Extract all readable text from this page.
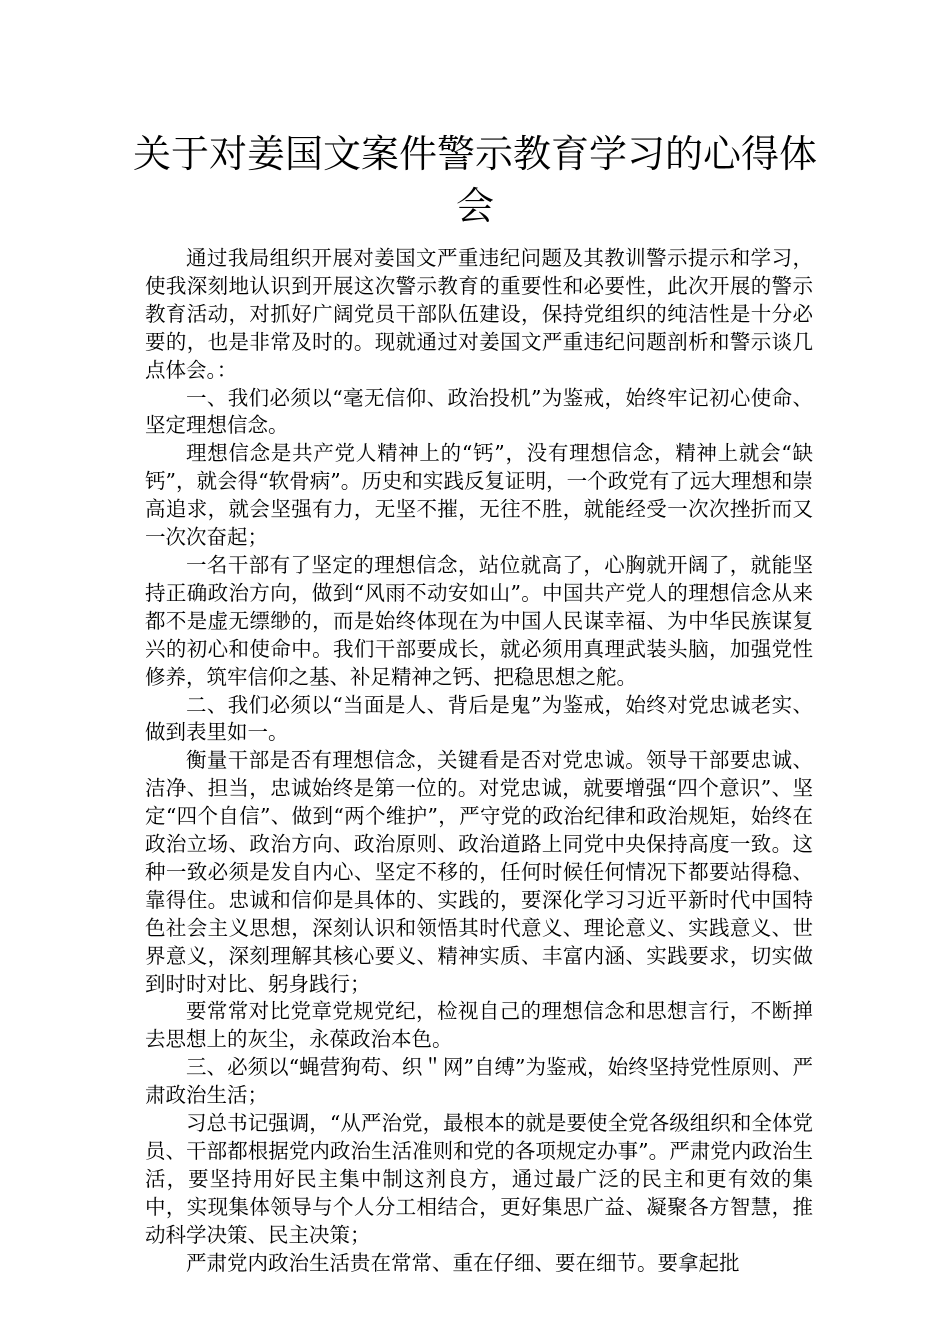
关于对姜国文案件警示教育学习的心得体会

通过我局组织开展对姜国文严重违纪问题及其教训警示提示和学习，使我深刻地认识到开展这次警示教育的重要性和必要性，此次开展的警示教育活动，对抓好广阔党员干部队伍建设，保持党组织的纯洁性是十分必要的，也是非常及时的。现就通过对姜国文严重违纪问题剖析和警示谈几点体会。：

一、我们必须以“毫无信仰、政治投机”为鉴戒，始终牢记初心使命、坚定理想信念。

理想信念是共产党人精神上的“钙”，没有理想信念，精神上就会“缺钙”，就会得“软骨病”。历史和实践反复证明，一个政党有了远大理想和崇高追求，就会坚强有力，无坚不摧，无往不胜，就能经受一次次挫折而又一次次奋起；

一名干部有了坚定的理想信念，站位就高了，心胸就开阔了，就能坚持正确政治方向，做到“风雨不动安如山”。中国共产党人的理想信念从来都不是虚无缥缈的，而是始终体现在为中国人民谋幸福、为中华民族谋复兴的初心和使命中。我们干部要成长，就必须用真理武装头脑，加强党性修养，筑牢信仰之基、补足精神之钙、把稳思想之舵。

二、我们必须以“当面是人、背后是鬼”为鉴戒，始终对党忠诚老实、做到表里如一。

衡量干部是否有理想信念，关键看是否对党忠诚。领导干部要忠诚、洁净、担当，忠诚始终是第一位的。对党忠诚，就要增强“四个意识”、坚定“四个自信”、做到“两个维护”，严守党的政治纪律和政治规矩，始终在政治立场、政治方向、政治原则、政治道路上同党中央保持高度一致。这种一致必须是发自内心、坚定不移的，任何时候任何情况下都要站得稳、靠得住。忠诚和信仰是具体的、实践的，要深化学习习近平新时代中国特色社会主义思想，深刻认识和领悟其时代意义、理论意义、实践意义、世界意义，深刻理解其核心要义、精神实质、丰富内涵、实践要求，切实做到时时对比、躬身践行；

要常常对比党章党规党纪，检视自己的理想信念和思想言行，不断掸去思想上的灰尘，永葆政治本色。

三、必须以“蝇营狗苟、织＂网”自缚”为鉴戒，始终坚持党性原则、严肃政治生活；

习总书记强调，“从严治党，最根本的就是要使全党各级组织和全体党员、干部都根据党内政治生活准则和党的各项规定办事”。严肃党内政治生活，要坚持用好民主集中制这剂良方，通过最广泛的民主和更有效的集中，实现集体领导与个人分工相结合，更好集思广益、凝聚各方智慧，推动科学决策、民主决策；

严肃党内政治生活贵在常常、重在仔细、要在细节。要拿起批
